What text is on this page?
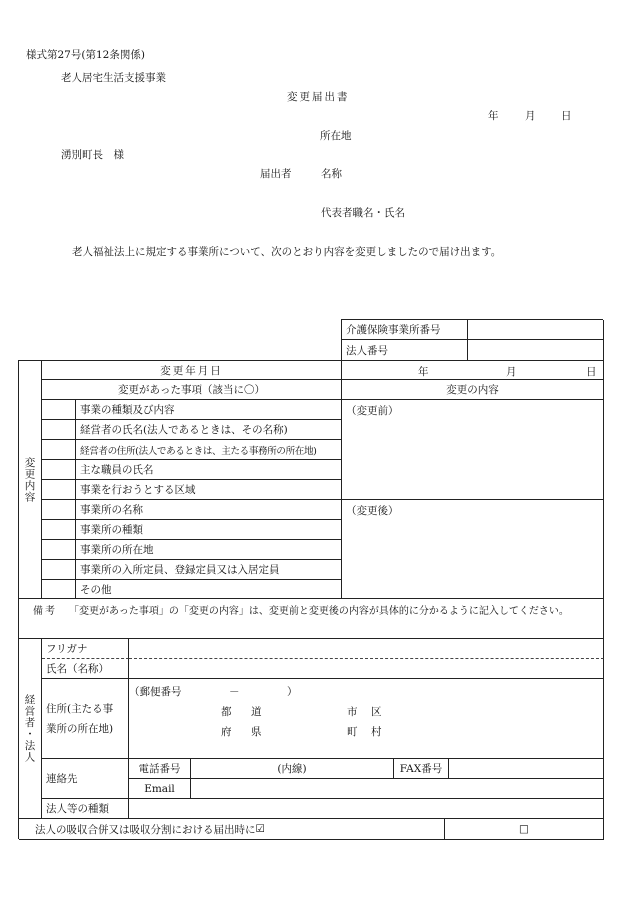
様式第27号(第12条関係)
老人居宅生活支援事業
変更届出書
年	月 日
所在地
湧別町長　様
届出者	名称
代表者職名・氏名
老人福祉法上に規定する事業所について、次のとおり内容を変更しましたので届け出ます。
介護保険事業所番号
法人番号
変更内容
変更年月日	年	月	日
変更があった事項（該当に〇）	変更の内容
事業の種類及び内容
経営者の氏名(法人であるときは、その名称)
経営者の住所(法人であるときは、主たる事務所の所在地)
主な職員の氏名
事業を行おうとする区域
事業所の名称
事業所の種類
事業所の所在地
事業所の入所定員、登録定員又は入居定員
その他
（変更前）
（変更後）
備考 「変更があった事項」の「変更の内容」は、変更前と変更後の内容が具体的に分かるように記入してください。
経営者・法人
フリガナ
氏名（名称）
住所(主たる事
業所の所在地)
（郵便番号	－	）
都 道
府 県
市 区
町 村
連絡先
電話番号	(内線)	FAX番号
Email
法人等の種類
法人の吸収合併又は吸収分割における届出時に ☑	□
